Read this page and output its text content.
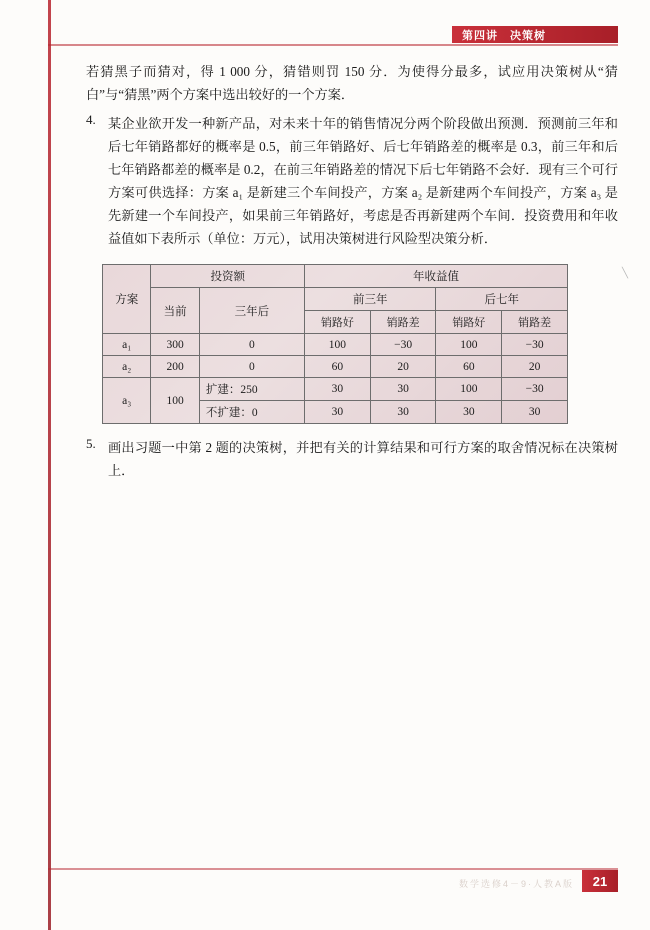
第四讲　决策树
╲

若猜黑子而猜对，得 1 000 分，猜错则罚 150 分．为使得分最多，试应用决策树从“猜白”与“猜黑”两个方案中选出较好的一个方案．

4. 某企业欲开发一种新产品，对未来十年的销售情况分两个阶段做出预测．预测前三年和后七年销路都好的概率是 0.5，前三年销路好、后七年销路差的概率是 0.3，前三年和后七年销路都差的概率是 0.2，在前三年销路差的情况下后七年销路不会好．现有三个可行方案可供选择：方案 a₁ 是新建三个车间投产，方案 a₂ 是新建两个车间投产，方案 a₃ 是先新建一个车间投产，如果前三年销路好，考虑是否再新建两个车间．投资费用和年收益值如下表所示（单位：万元），试用决策树进行风险型决策分析．

方案	投资额		年收益值			
	当前	三年后	前三年		后七年	
			销路好	销路差	销路好	销路差
a₁	300	0	100	−30	100	−30
a₂	200	0	60	20	60	20
a₃	100	扩建：250	30	30	100	−30
		不扩建：0	30	30	30	30
5. 画出习题一中第 2 题的决策树，并把有关的计算结果和可行方案的取舍情况标在决策树上．

数学选修4－9·人教A版	21
